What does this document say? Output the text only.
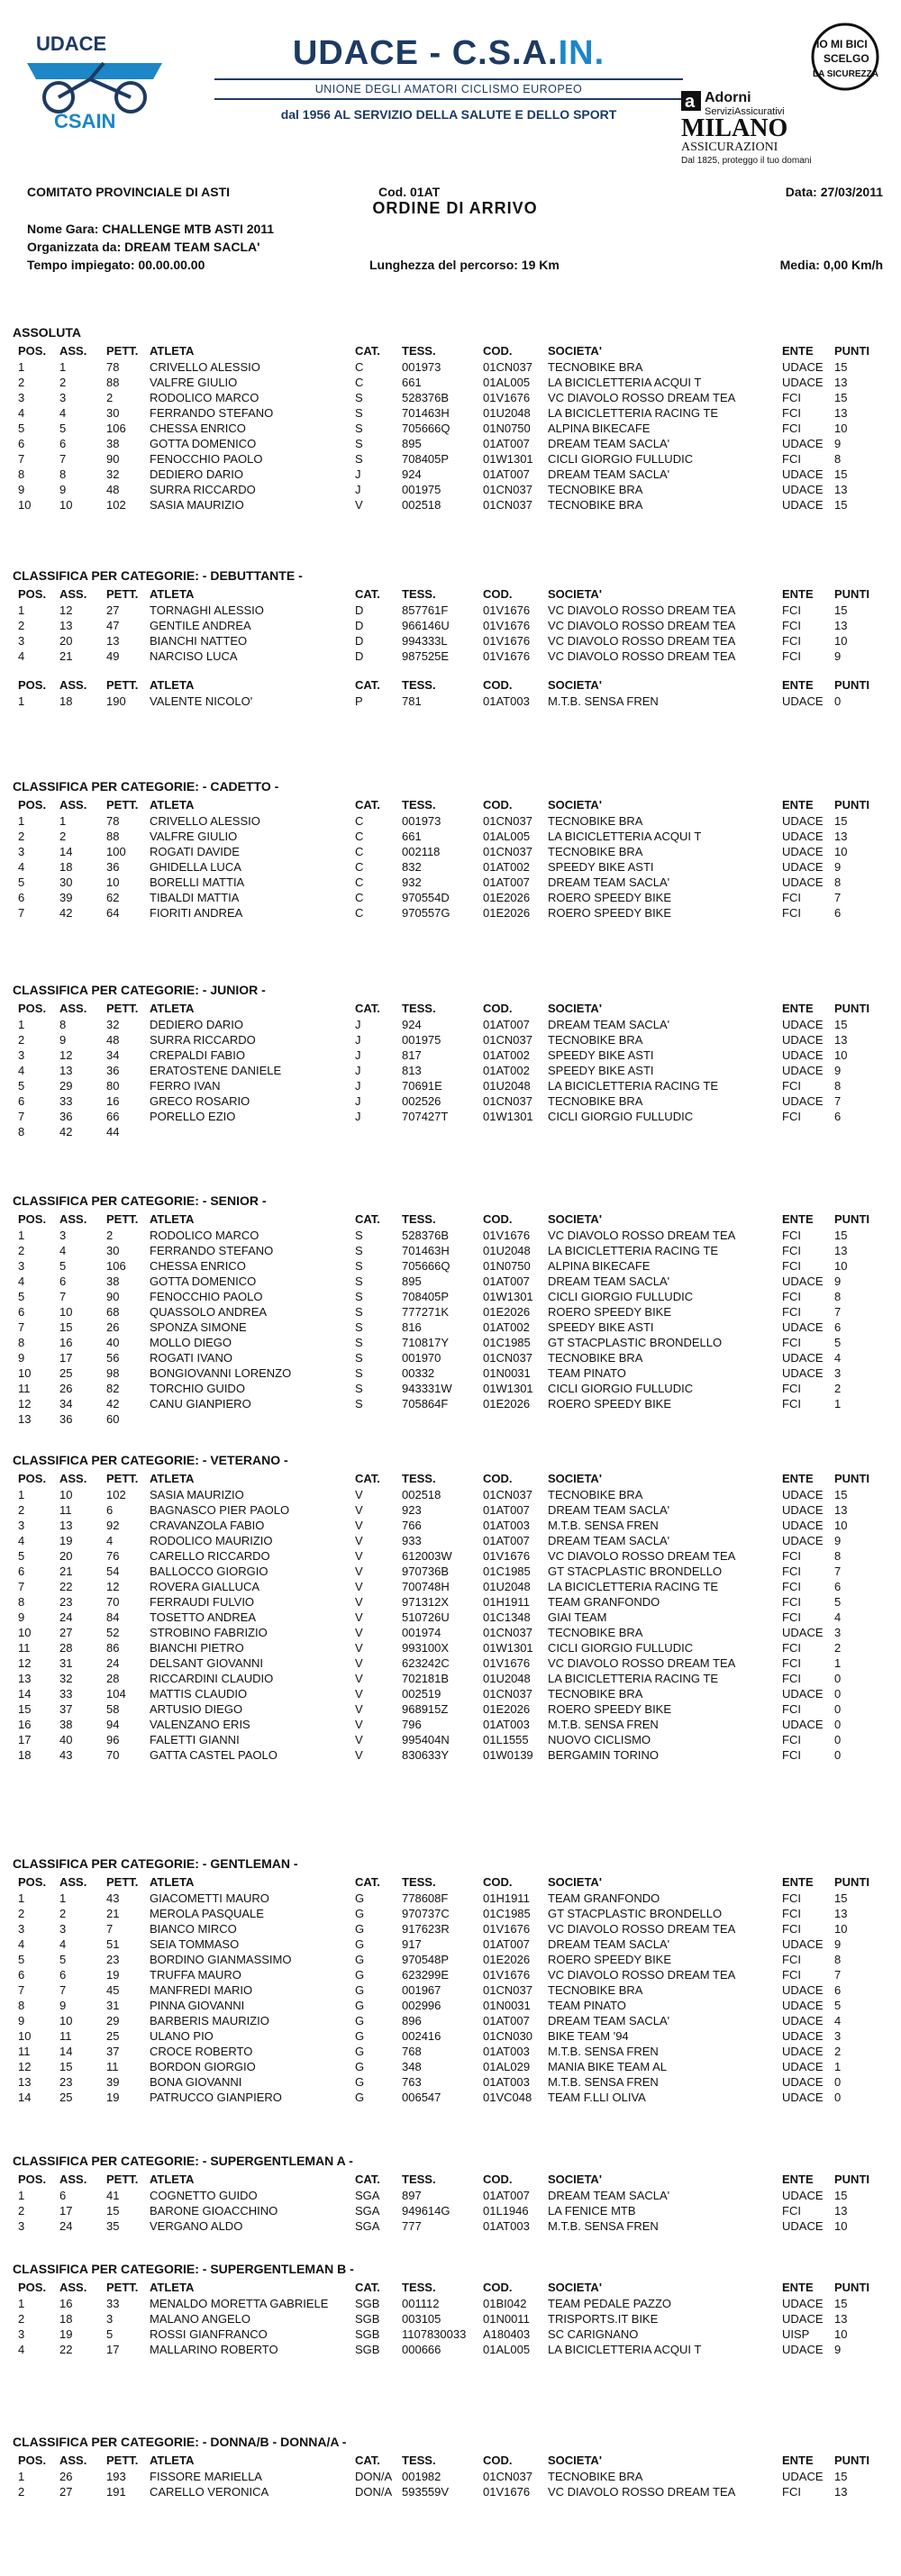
UDACE
CSAIN
UDACE - C.S.A.IN.
UNIONE DEGLI AMATORI CICLISMO EUROPEO
dal 1956 AL SERVIZIO DELLA SALUTE E DELLO SPORT
IO MI BICI
SCELGO
LA SICUREZZA
a Adorni
ServiziAssicurativi
MILANO
ASSICURAZIONI
Dal 1825, proteggo il tuo domani
COMITATO PROVINCIALE DI ASTI	Cod. 01AT	Data: 27/03/2011
ORDINE DI ARRIVO
Nome Gara: CHALLENGE MTB ASTI 2011
Organizzata da: DREAM TEAM SACLA'
Tempo impiegato: 00.00.00.00	Lunghezza del percorso: 19 Km	Media: 0,00 Km/h
ASSOLUTA
POS. ASS. PETT. ATLETA	CAT. TESS.	COD.	SOCIETA'	ENTE PUNTI
1	1	78	CRIVELLO ALESSIO	C	001973	01CN037 TECNOBIKE BRA	UDACE 15
2	2	88	VALFRE GIULIO	C	661	01AL005 LA BICICLETTERIA ACQUI T	UDACE 13
3	3	2	RODOLICO MARCO	S	528376B	01V1676 VC DIAVOLO ROSSO DREAM TEA	FCI	15
4	4	30	FERRANDO STEFANO	S	701463H	01U2048 LA BICICLETTERIA RACING TE	FCI	13
5	5	106 CHESSA ENRICO	S	705666Q	01N0750 ALPINA BIKECAFE	FCI	10
6	6	38	GOTTA DOMENICO	S	895	01AT007 DREAM TEAM SACLA'	UDACE 9
7	7	90	FENOCCHIO PAOLO	S	708405P	01W1301 CICLI GIORGIO FULLUDIC	FCI	8
8	8	32	DEDIERO DARIO	J	924	01AT007 DREAM TEAM SACLA'	UDACE 15
9	9	48	SURRA RICCARDO	J	001975	01CN037 TECNOBIKE BRA	UDACE 13
10 10	102 SASIA MAURIZIO	V	002518	01CN037 TECNOBIKE BRA	UDACE 15
CLASSIFICA PER CATEGORIE: - DEBUTTANTE -
POS. ASS. PETT. ATLETA	CAT. TESS.	COD.	SOCIETA'	ENTE PUNTI
1	12	27	TORNAGHI ALESSIO	D	857761F	01V1676 VC DIAVOLO ROSSO DREAM TEA	FCI	15
2	13	47	GENTILE ANDREA	D	966146U	01V1676 VC DIAVOLO ROSSO DREAM TEA	FCI	13
3	20	13	BIANCHI NATTEO	D	994333L	01V1676 VC DIAVOLO ROSSO DREAM TEA	FCI	10
4	21	49	NARCISO LUCA	D	987525E	01V1676 VC DIAVOLO ROSSO DREAM TEA	FCI	9
POS. ASS. PETT. ATLETA	CAT. TESS.	COD.	SOCIETA'	ENTE PUNTI
1	18	190 VALENTE NICOLO'	P	781	01AT003 M.T.B. SENSA FREN	UDACE 0
CLASSIFICA PER CATEGORIE: - CADETTO -
POS. ASS. PETT. ATLETA	CAT. TESS.	COD.	SOCIETA'	ENTE PUNTI
1	1	78	CRIVELLO ALESSIO	C	001973	01CN037 TECNOBIKE BRA	UDACE 15
2	2	88	VALFRE GIULIO	C	661	01AL005 LA BICICLETTERIA ACQUI T	UDACE 13
3	14	100 ROGATI DAVIDE	C	002118	01CN037 TECNOBIKE BRA	UDACE 10
4	18	36	GHIDELLA LUCA	C	832	01AT002 SPEEDY BIKE ASTI	UDACE 9
5	30	10	BORELLI MATTIA	C	932	01AT007 DREAM TEAM SACLA'	UDACE 8
6	39	62	TIBALDI MATTIA	C	970554D	01E2026 ROERO SPEEDY BIKE	FCI	7
7	42	64	FIORITI ANDREA	C	970557G	01E2026 ROERO SPEEDY BIKE	FCI	6
CLASSIFICA PER CATEGORIE: - JUNIOR -
POS. ASS. PETT. ATLETA	CAT. TESS.	COD.	SOCIETA'	ENTE PUNTI
1	8	32	DEDIERO DARIO	J	924	01AT007 DREAM TEAM SACLA'	UDACE 15
2	9	48	SURRA RICCARDO	J	001975	01CN037 TECNOBIKE BRA	UDACE 13
3	12	34	CREPALDI FABIO	J	817	01AT002 SPEEDY BIKE ASTI	UDACE 10
4	13	36	ERATOSTENE DANIELE	J	813	01AT002 SPEEDY BIKE ASTI	UDACE 9
5	29	80	FERRO IVAN	J	70691E	01U2048 LA BICICLETTERIA RACING TE	FCI	8
6	33	16	GRECO ROSARIO	J	002526	01CN037 TECNOBIKE BRA	UDACE 7
7	36	66	PORELLO EZIO	J	707427T	01W1301 CICLI GIORGIO FULLUDIC	FCI	6
8	42	44
CLASSIFICA PER CATEGORIE: - SENIOR -
POS. ASS. PETT. ATLETA	CAT. TESS.	COD.	SOCIETA'	ENTE PUNTI
1	3	2	RODOLICO MARCO	S	528376B	01V1676 VC DIAVOLO ROSSO DREAM TEA	FCI	15
2	4	30	FERRANDO STEFANO	S	701463H	01U2048 LA BICICLETTERIA RACING TE	FCI	13
3	5	106 CHESSA ENRICO	S	705666Q	01N0750 ALPINA BIKECAFE	FCI	10
4	6	38	GOTTA DOMENICO	S	895	01AT007 DREAM TEAM SACLA'	UDACE 9
5	7	90	FENOCCHIO PAOLO	S	708405P	01W1301 CICLI GIORGIO FULLUDIC	FCI	8
6	10	68	QUASSOLO ANDREA	S	777271K	01E2026 ROERO SPEEDY BIKE	FCI	7
7	15	26	SPONZA SIMONE	S	816	01AT002 SPEEDY BIKE ASTI	UDACE 6
8	16	40	MOLLO DIEGO	S	710817Y	01C1985 GT STACPLASTIC BRONDELLO	FCI	5
9	17	56	ROGATI IVANO	S	001970	01CN037 TECNOBIKE BRA	UDACE 4
10 25	98	BONGIOVANNI LORENZO	S	00332	01N0031 TEAM PINATO	UDACE 3
11	26	82	TORCHIO GUIDO	S	943331W	01W1301 CICLI GIORGIO FULLUDIC	FCI	2
12 34	42	CANU GIANPIERO	S	705864F	01E2026 ROERO SPEEDY BIKE	FCI	1
13 36	60
CLASSIFICA PER CATEGORIE: - VETERANO -
POS. ASS. PETT. ATLETA	CAT. TESS.	COD.	SOCIETA'	ENTE PUNTI
1	10	102 SASIA MAURIZIO	V	002518	01CN037 TECNOBIKE BRA	UDACE 15
2	11	6	BAGNASCO PIER PAOLO	V	923	01AT007 DREAM TEAM SACLA'	UDACE 13
3	13	92	CRAVANZOLA FABIO	V	766	01AT003 M.T.B. SENSA FREN	UDACE 10
4	19	4	RODOLICO MAURIZIO	V	933	01AT007 DREAM TEAM SACLA'	UDACE 9
5	20	76	CARELLO RICCARDO	V	612003W	01V1676 VC DIAVOLO ROSSO DREAM TEA	FCI	8
6	21	54	BALLOCCO GIORGIO	V	970736B	01C1985 GT STACPLASTIC BRONDELLO	FCI	7
7	22	12	ROVERA GIALLUCA	V	700748H	01U2048 LA BICICLETTERIA RACING TE	FCI	6
8	23	70	FERRAUDI FULVIO	V	971312X	01H1911 TEAM GRANFONDO	FCI	5
9	24	84	TOSETTO ANDREA	V	510726U	01C1348 GIAI TEAM	FCI	4
10 27	52	STROBINO FABRIZIO	V	001974	01CN037 TECNOBIKE BRA	UDACE 3
11	28	86	BIANCHI PIETRO	V	993100X	01W1301 CICLI GIORGIO FULLUDIC	FCI	2
12 31	24	DELSANT GIOVANNI	V	623242C	01V1676 VC DIAVOLO ROSSO DREAM TEA	FCI	1
13 32	28	RICCARDINI CLAUDIO	V	702181B	01U2048 LA BICICLETTERIA RACING TE	FCI	0
14 33	104 MATTIS CLAUDIO	V	002519	01CN037 TECNOBIKE BRA	UDACE 0
15 37	58	ARTUSIO DIEGO	V	968915Z	01E2026 ROERO SPEEDY BIKE	FCI	0
16 38	94	VALENZANO ERIS	V	796	01AT003 M.T.B. SENSA FREN	UDACE 0
17 40	96	FALETTI GIANNI	V	995404N	01L1555 NUOVO CICLISMO	FCI	0
18 43	70	GATTA CASTEL PAOLO	V	830633Y	01W0139 BERGAMIN TORINO	FCI	0
CLASSIFICA PER CATEGORIE: - GENTLEMAN -
POS. ASS. PETT. ATLETA	CAT. TESS.	COD.	SOCIETA'	ENTE PUNTI
1	1	43	GIACOMETTI MAURO	G	778608F	01H1911 TEAM GRANFONDO	FCI	15
2	2	21	MEROLA PASQUALE	G	970737C	01C1985 GT STACPLASTIC BRONDELLO	FCI	13
3	3	7	BIANCO MIRCO	G	917623R	01V1676 VC DIAVOLO ROSSO DREAM TEA	FCI	10
4	4	51	SEIA TOMMASO	G	917	01AT007 DREAM TEAM SACLA'	UDACE 9
5	5	23	BORDINO GIANMASSIMO	G	970548P	01E2026 ROERO SPEEDY BIKE	FCI	8
6	6	19	TRUFFA MAURO	G	623299E	01V1676 VC DIAVOLO ROSSO DREAM TEA	FCI	7
7	7	45	MANFREDI MARIO	G	001967	01CN037 TECNOBIKE BRA	UDACE 6
8	9	31	PINNA GIOVANNI	G	002996	01N0031 TEAM PINATO	UDACE 5
9	10	29	BARBERIS MAURIZIO	G	896	01AT007 DREAM TEAM SACLA'	UDACE 4
10 11	25	ULANO PIO	G	002416	01CN030 BIKE TEAM '94	UDACE 3
11	14	37	CROCE ROBERTO	G	768	01AT003 M.T.B. SENSA FREN	UDACE 2
12 15	11	BORDON GIORGIO	G	348	01AL029 MANIA BIKE TEAM AL	UDACE 1
13 23	39	BONA GIOVANNI	G	763	01AT003 M.T.B. SENSA FREN	UDACE 0
14 25	19	PATRUCCO GIANPIERO	G	006547	01VC048 TEAM F.LLI OLIVA	UDACE 0
CLASSIFICA PER CATEGORIE: - SUPERGENTLEMAN A -
POS. ASS. PETT. ATLETA	CAT. TESS.	COD.	SOCIETA'	ENTE PUNTI
1	6	41	COGNETTO GUIDO	SGA 897	01AT007 DREAM TEAM SACLA'	UDACE 15
2	17	15	BARONE GIOACCHINO	SGA 949614G	01L1946 LA FENICE MTB	FCI	13
3	24	35	VERGANO ALDO	SGA 777	01AT003 M.T.B. SENSA FREN	UDACE 10
CLASSIFICA PER CATEGORIE: - SUPERGENTLEMAN B -
POS. ASS. PETT. ATLETA	CAT. TESS.	COD.	SOCIETA'	ENTE PUNTI
1	16	33	MENALDO MORETTA GABRIELE SGB 001112	01BI042 TEAM PEDALE PAZZO	UDACE 15
2	18	3	MALANO ANGELO	SGB 003105	01N0011 TRISPORTS.IT BIKE	UDACE 13
3	19	5	ROSSI GIANFRANCO	SGB 1107830033 A180403 SC CARIGNANO	UISP 10
4	22	17	MALLARINO ROBERTO	SGB 000666	01AL005 LA BICICLETTERIA ACQUI T	UDACE 9
CLASSIFICA PER CATEGORIE: - DONNA/B - DONNA/A -
POS. ASS. PETT. ATLETA	CAT. TESS.	COD.	SOCIETA'	ENTE PUNTI
1	26	193 FISSORE MARIELLA	DON/A 001982	01CN037 TECNOBIKE BRA	UDACE 15
2	27	191 CARELLO VERONICA	DON/A 593559V	01V1676 VC DIAVOLO ROSSO DREAM TEA	FCI	13
